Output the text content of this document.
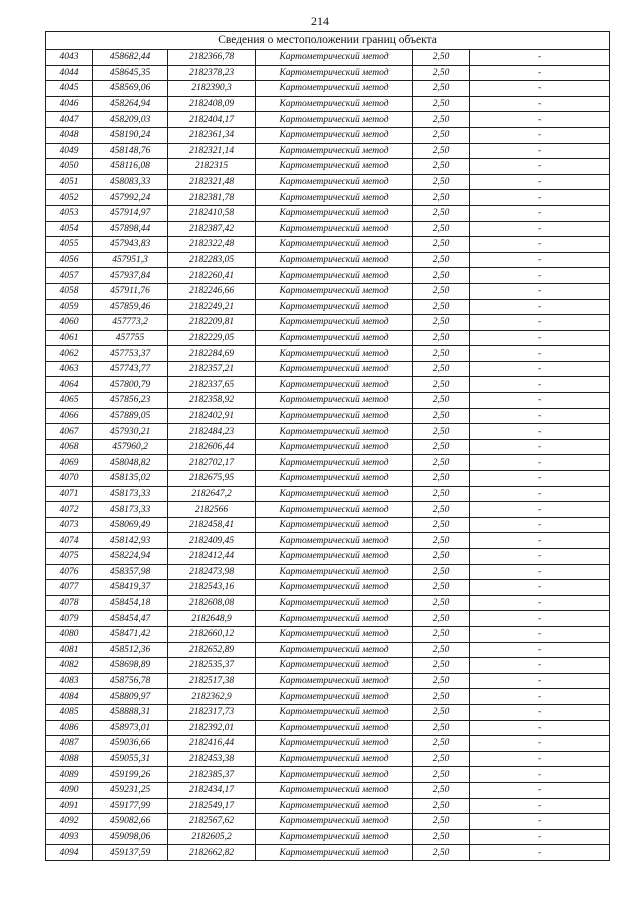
214
Сведения о местоположении границ объекта					
4043	458682,44	2182366,78	Картометрический метод	2,50	-
4044	458645,35	2182378,23	Картометрический метод	2,50	-
4045	458569,06	2182390,3	Картометрический метод	2,50	-
4046	458264,94	2182408,09	Картометрический метод	2,50	-
4047	458209,03	2182404,17	Картометрический метод	2,50	-
4048	458190,24	2182361,34	Картометрический метод	2,50	-
4049	458148,76	2182321,14	Картометрический метод	2,50	-
4050	458116,08	2182315	Картометрический метод	2,50	-
4051	458083,33	2182321,48	Картометрический метод	2,50	-
4052	457992,24	2182381,78	Картометрический метод	2,50	-
4053	457914,97	2182410,58	Картометрический метод	2,50	-
4054	457898,44	2182387,42	Картометрический метод	2,50	-
4055	457943,83	2182322,48	Картометрический метод	2,50	-
4056	457951,3	2182283,05	Картометрический метод	2,50	-
4057	457937,84	2182260,41	Картометрический метод	2,50	-
4058	457911,76	2182246,66	Картометрический метод	2,50	-
4059	457859,46	2182249,21	Картометрический метод	2,50	-
4060	457773,2	2182209,81	Картометрический метод	2,50	-
4061	457755	2182229,05	Картометрический метод	2,50	-
4062	457753,37	2182284,69	Картометрический метод	2,50	-
4063	457743,77	2182357,21	Картометрический метод	2,50	-
4064	457800,79	2182337,65	Картометрический метод	2,50	-
4065	457856,23	2182358,92	Картометрический метод	2,50	-
4066	457889,05	2182402,91	Картометрический метод	2,50	-
4067	457930,21	2182484,23	Картометрический метод	2,50	-
4068	457960,2	2182606,44	Картометрический метод	2,50	-
4069	458048,82	2182702,17	Картометрический метод	2,50	-
4070	458135,02	2182675,95	Картометрический метод	2,50	-
4071	458173,33	2182647,2	Картометрический метод	2,50	-
4072	458173,33	2182566	Картометрический метод	2,50	-
4073	458069,49	2182458,41	Картометрический метод	2,50	-
4074	458142,93	2182409,45	Картометрический метод	2,50	-
4075	458224,94	2182412,44	Картометрический метод	2,50	-
4076	458357,98	2182473,98	Картометрический метод	2,50	-
4077	458419,37	2182543,16	Картометрический метод	2,50	-
4078	458454,18	2182608,08	Картометрический метод	2,50	-
4079	458454,47	2182648,9	Картометрический метод	2,50	-
4080	458471,42	2182660,12	Картометрический метод	2,50	-
4081	458512,36	2182652,89	Картометрический метод	2,50	-
4082	458698,89	2182535,37	Картометрический метод	2,50	-
4083	458756,78	2182517,38	Картометрический метод	2,50	-
4084	458809,97	2182362,9	Картометрический метод	2,50	-
4085	458888,31	2182317,73	Картометрический метод	2,50	-
4086	458973,01	2182392,01	Картометрический метод	2,50	-
4087	459036,66	2182416,44	Картометрический метод	2,50	-
4088	459055,31	2182453,38	Картометрический метод	2,50	-
4089	459199,26	2182385,37	Картометрический метод	2,50	-
4090	459231,25	2182434,17	Картометрический метод	2,50	-
4091	459177,99	2182549,17	Картометрический метод	2,50	-
4092	459082,66	2182567,62	Картометрический метод	2,50	-
4093	459098,06	2182605,2	Картометрический метод	2,50	-
4094	459137,59	2182662,82	Картометрический метод	2,50	-
